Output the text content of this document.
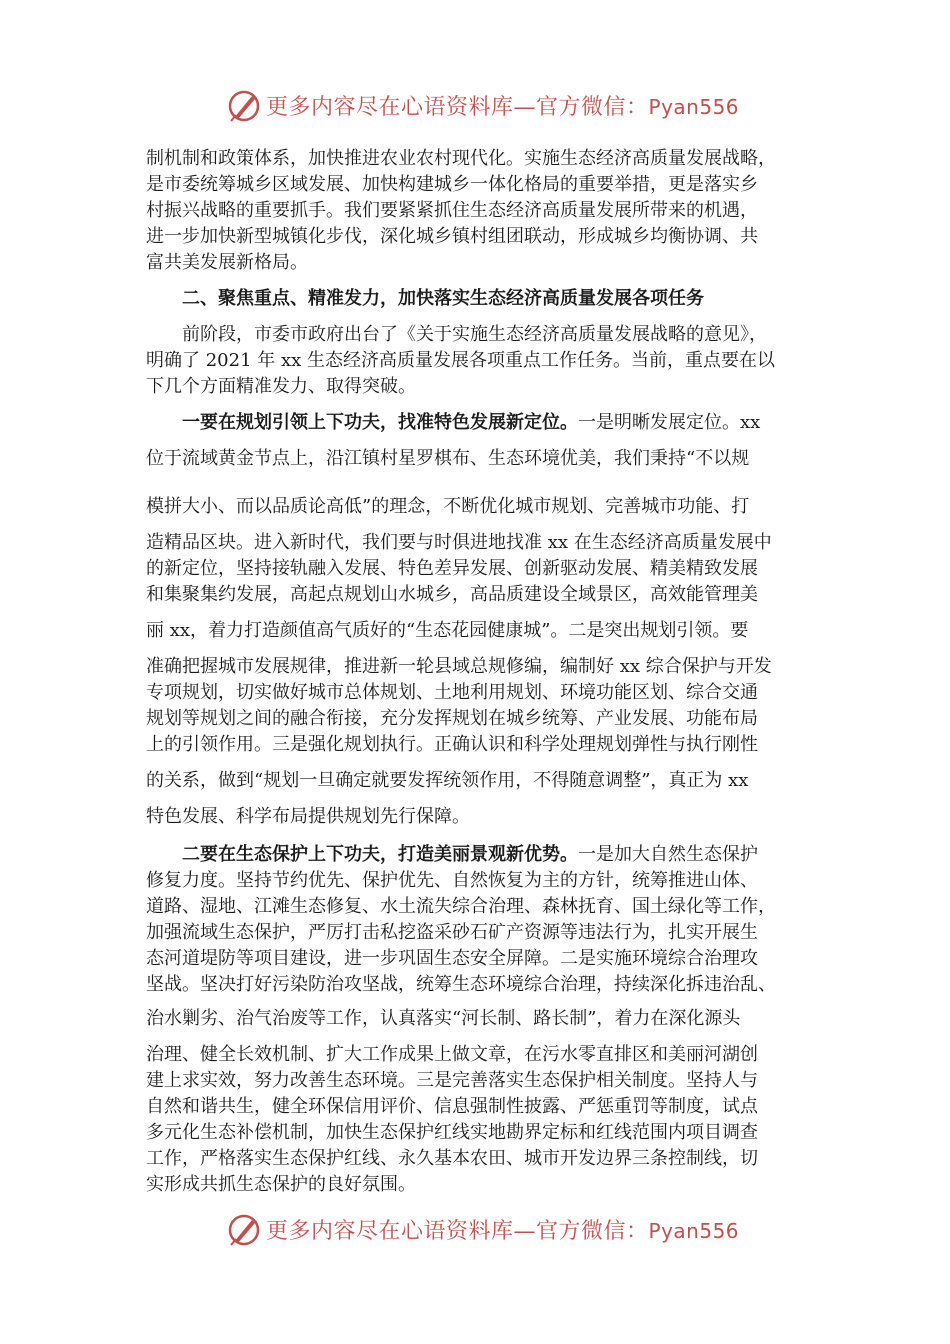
更多内容尽在心语资料库—官方微信：Pyan556
制机制和政策体系，加快推进农业农村现代化。实施生态经济高质量发展战略，
是市委统筹城乡区域发展、加快构建城乡一体化格局的重要举措，更是落实乡
村振兴战略的重要抓手。我们要紧紧抓住生态经济高质量发展所带来的机遇，
进一步加快新型城镇化步伐，深化城乡镇村组团联动，形成城乡均衡协调、共
富共美发展新格局。
二、聚焦重点、精准发力，加快落实生态经济高质量发展各项任务
前阶段，市委市政府出台了《关于实施生态经济高质量发展战略的意见》，
明确了 2021 年 xx 生态经济高质量发展各项重点工作任务。当前，重点要在以
下几个方面精准发力、取得突破。
一要在规划引领上下功夫，找准特色发展新定位。一是明晰发展定位。xx
位于流域黄金节点上，沿江镇村星罗棋布、生态环境优美，我们秉持“不以规
模拼大小、而以品质论高低”的理念，不断优化城市规划、完善城市功能、打
造精品区块。进入新时代，我们要与时俱进地找准 xx 在生态经济高质量发展中
的新定位，坚持接轨融入发展、特色差异发展、创新驱动发展、精美精致发展
和集聚集约发展，高起点规划山水城乡，高品质建设全域景区，高效能管理美
丽 xx，着力打造颜值高气质好的“生态花园健康城”。二是突出规划引领。要
准确把握城市发展规律，推进新一轮县域总规修编，编制好 xx 综合保护与开发
专项规划，切实做好城市总体规划、土地利用规划、环境功能区划、综合交通
规划等规划之间的融合衔接，充分发挥规划在城乡统筹、产业发展、功能布局
上的引领作用。三是强化规划执行。正确认识和科学处理规划弹性与执行刚性
的关系，做到“规划一旦确定就要发挥统领作用，不得随意调整”，真正为 xx
特色发展、科学布局提供规划先行保障。
二要在生态保护上下功夫，打造美丽景观新优势。一是加大自然生态保护
修复力度。坚持节约优先、保护优先、自然恢复为主的方针，统筹推进山体、
道路、湿地、江滩生态修复、水土流失综合治理、森林抚育、国土绿化等工作，
加强流域生态保护，严厉打击私挖盗采砂石矿产资源等违法行为，扎实开展生
态河道堤防等项目建设，进一步巩固生态安全屏障。二是实施环境综合治理攻
坚战。坚决打好污染防治攻坚战，统筹生态环境综合治理，持续深化拆违治乱、
治水剿劣、治气治废等工作，认真落实“河长制、路长制”，着力在深化源头
治理、健全长效机制、扩大工作成果上做文章，在污水零直排区和美丽河湖创
建上求实效，努力改善生态环境。三是完善落实生态保护相关制度。坚持人与
自然和谐共生，健全环保信用评价、信息强制性披露、严惩重罚等制度，试点
多元化生态补偿机制，加快生态保护红线实地勘界定标和红线范围内项目调查
工作，严格落实生态保护红线、永久基本农田、城市开发边界三条控制线，切
实形成共抓生态保护的良好氛围。
更多内容尽在心语资料库—官方微信：Pyan556
